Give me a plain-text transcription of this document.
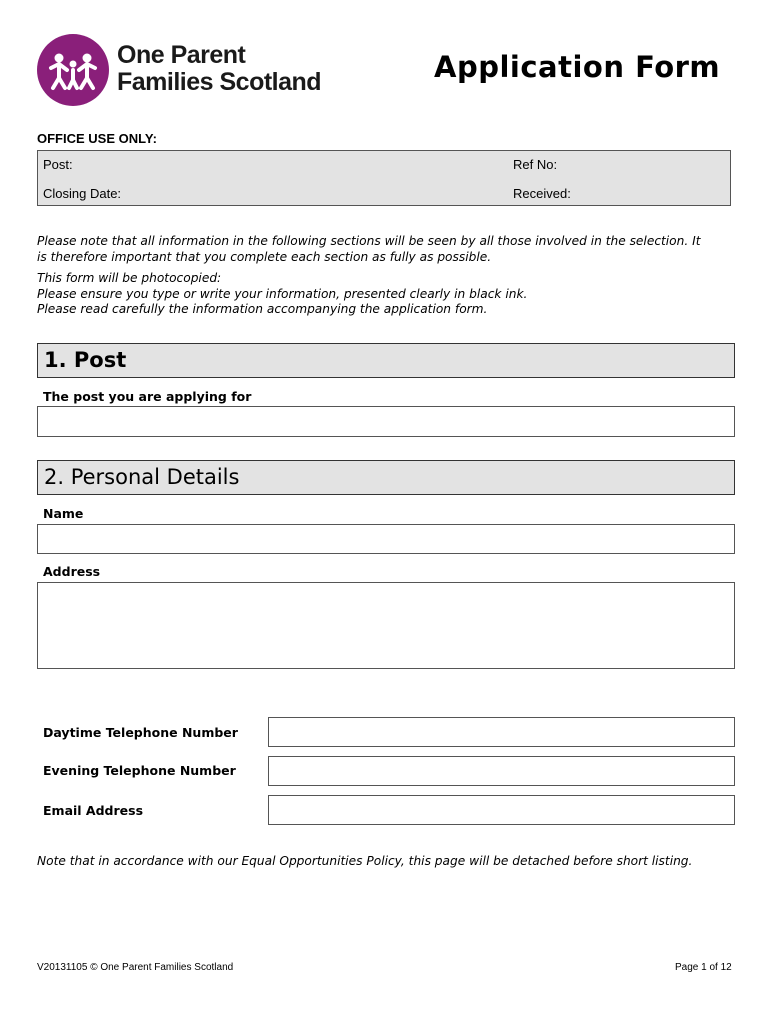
One Parent
Families Scotland	Application Form
OFFICE USE ONLY:
Post:	Ref No:
Closing Date:	Received:
Please note that all information in the following sections will be seen by all those involved in the selection. It
is therefore important that you complete each section as fully as possible.
This form will be photocopied:
Please ensure you type or write your information, presented clearly in black ink.
Please read carefully the information accompanying the application form.
1. Post
The post you are applying for
2. Personal Details
Name
Address
Daytime Telephone Number
Evening Telephone Number
Email Address
Note that in accordance with our Equal Opportunities Policy, this page will be detached before short listing.
V20131105 © One Parent Families Scotland	Page 1 of 12
